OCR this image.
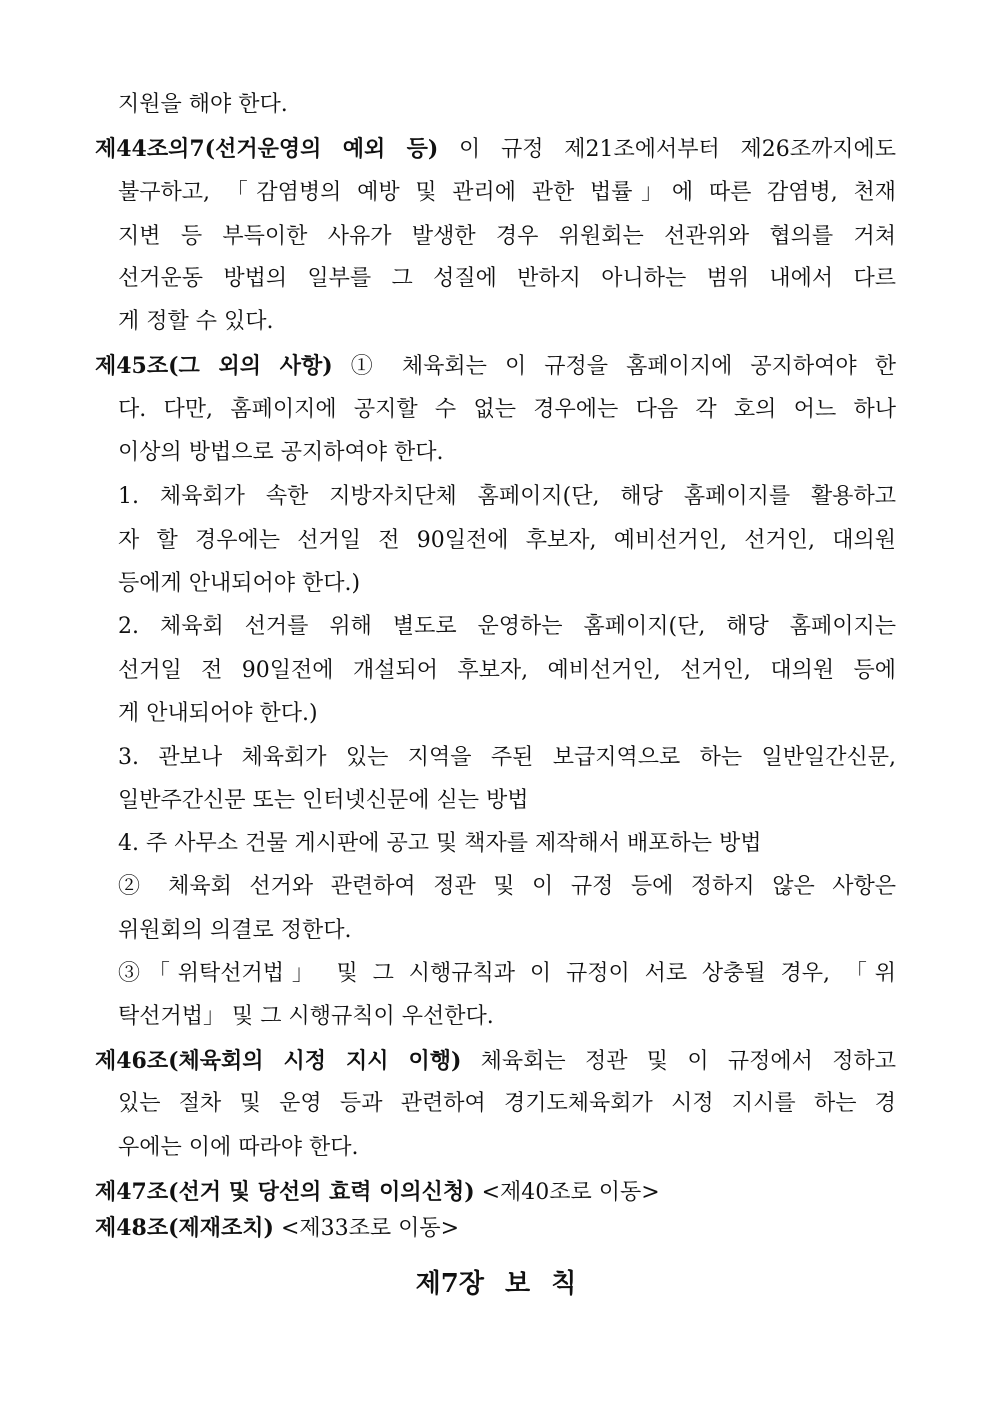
지원을 해야 한다.
제44조의7(선거운영의 예외 등) 이 규정 제21조에서부터 제26조까지에도
불구하고, 「감염병의 예방 및 관리에 관한 법률」에 따른 감염병, 천재
지변 등 부득이한 사유가 발생한 경우 위원회는 선관위와 협의를 거쳐
선거운동 방법의 일부를 그 성질에 반하지 아니하는 범위 내에서 다르
게 정할 수 있다.
제45조(그 외의 사항) ① 체육회는 이 규정을 홈페이지에 공지하여야 한
다. 다만, 홈페이지에 공지할 수 없는 경우에는 다음 각 호의 어느 하나
이상의 방법으로 공지하여야 한다.
1. 체육회가 속한 지방자치단체 홈페이지(단, 해당 홈페이지를 활용하고
자 할 경우에는 선거일 전 90일전에 후보자, 예비선거인, 선거인, 대의원
등에게 안내되어야 한다.)
2. 체육회 선거를 위해 별도로 운영하는 홈페이지(단, 해당 홈페이지는
선거일 전 90일전에 개설되어 후보자, 예비선거인, 선거인, 대의원 등에
게 안내되어야 한다.)
3. 관보나 체육회가 있는 지역을 주된 보급지역으로 하는 일반일간신문,
일반주간신문 또는 인터넷신문에 싣는 방법
4. 주 사무소 건물 게시판에 공고 및 책자를 제작해서 배포하는 방법
② 체육회 선거와 관련하여 정관 및 이 규정 등에 정하지 않은 사항은
위원회의 의결로 정한다.
③「위탁선거법」 및 그 시행규칙과 이 규정이 서로 상충될 경우, 「위
탁선거법」 및 그 시행규칙이 우선한다.
제46조(체육회의 시정 지시 이행) 체육회는 정관 및 이 규정에서 정하고
있는 절차 및 운영 등과 관련하여 경기도체육회가 시정 지시를 하는 경
우에는 이에 따라야 한다.
제47조(선거 및 당선의 효력 이의신청) <제40조로 이동>
제48조(제재조치) <제33조로 이동>
제7장 보 칙
